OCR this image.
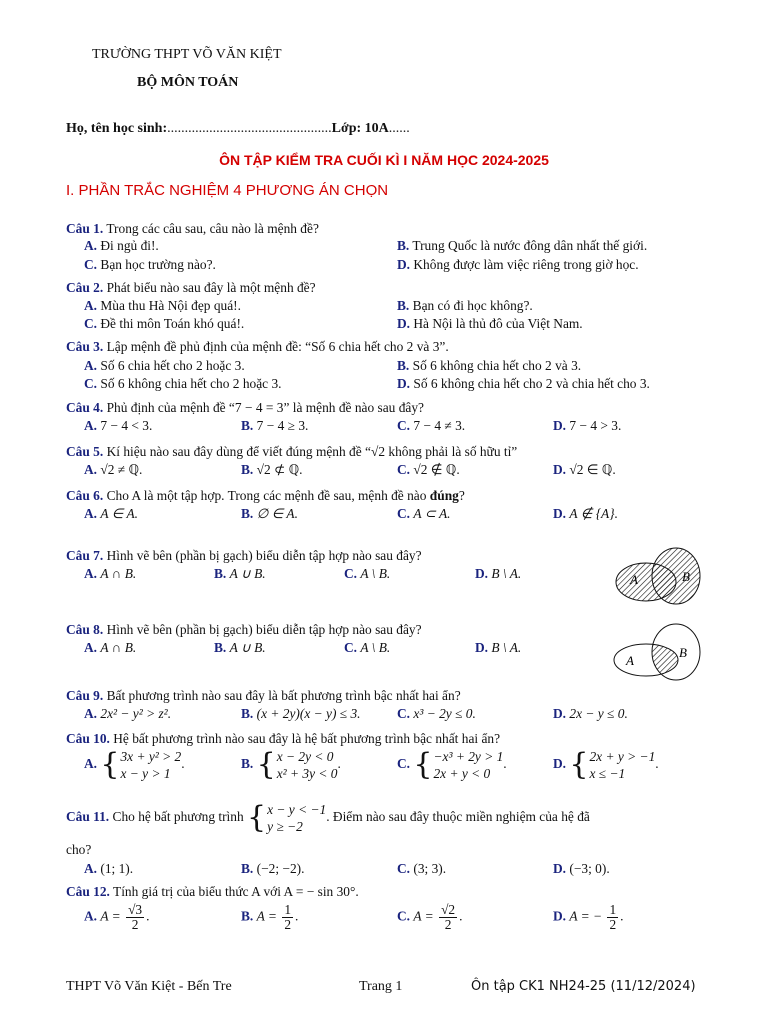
TRƯỜNG THPT VÕ VĂN KIỆT
BỘ MÔN TOÁN
Họ, tên học sinh:...............................................Lớp: 10A......
ÔN TẬP KIỂM TRA CUỐI KÌ I NĂM HỌC 2024-2025
I. PHẦN TRẮC NGHIỆM 4 PHƯƠNG ÁN CHỌN
Câu 1. Trong các câu sau, câu nào là mệnh đề?
A. Đi ngủ đi!.	B. Trung Quốc là nước đông dân nhất thế giới.
C. Bạn học trường nào?.	D. Không được làm việc riêng trong giờ học.
Câu 2. Phát biểu nào sau đây là một mệnh đề?
A. Mùa thu Hà Nội đẹp quá!.	B. Bạn có đi học không?.
C. Đề thi môn Toán khó quá!.	D. Hà Nội là thủ đô của Việt Nam.
Câu 3. Lập mệnh đề phủ định của mệnh đề: “Số 6 chia hết cho 2 và 3”.
A. Số 6 chia hết cho 2 hoặc 3.	B. Số 6 không chia hết cho 2 và 3.
C. Số 6 không chia hết cho 2 hoặc 3.	D. Số 6 không chia hết cho 2 và chia hết cho 3.
Câu 4. Phủ định của mệnh đề “7 − 4 = 3” là mệnh đề nào sau đây?
A. 7 − 4 < 3.	B. 7 − 4 ≥ 3.	C. 7 − 4 ≠ 3.	D. 7 − 4 > 3.
Câu 5. Kí hiệu nào sau đây dùng để viết đúng mệnh đề “√2 không phải là số hữu tỉ”
A. √2 ≠ ℚ.	B. √2 ⊄ ℚ.	C. √2 ∉ ℚ.	D. √2 ∈ ℚ.
Câu 6. Cho A là một tập hợp. Trong các mệnh đề sau, mệnh đề nào đúng?
A. A ∈ A.	B. ∅ ∈ A.	C. A ⊂ A.	D. A ∉ {A}.
Câu 7. Hình vẽ bên (phần bị gạch) biểu diễn tập hợp nào sau đây?
A. A ∩ B.	B. A ∪ B.	C. A \ B.	D. B \ A.	A	B
Câu 8. Hình vẽ bên (phần bị gạch) biểu diễn tập hợp nào sau đây?
A. A ∩ B.	B. A ∪ B.	C. A \ B.	D. B \ A.
A
B
Câu 9. Bất phương trình nào sau đây là bất phương trình bậc nhất hai ẩn?
A. 2x² − y² > z².	B. (x + 2y)(x − y) ≤ 3.	C. x³ − 2y ≤ 0.	D. 2x − y ≤ 0.
Câu 10. Hệ bất phương trình nào sau đây là hệ bất phương trình bậc nhất hai ẩn?
A. { 3x + y² > 2
x − y > 1
.	B. { x − 2y < 0
x² + 3y < 0
.	C. { −x³ + 2y > 1
2x + y < 0
.	D. { 2x + y > −1
x ≤ −1
.
Câu 11. Cho hệ bất phương trình { x − y < −1
y ≥ −2
. Điểm nào sau đây thuộc miền nghiệm của hệ đã
cho?
A. (1; 1).	B. (−2; −2).	C. (3; 3).	D. (−3; 0).
Câu 12. Tính giá trị của biểu thức A với A = − sin 30°.
A. $A = \frac{√3}{2}$ .	B. $A = \frac{1}{2}$ .	C. $A = \frac{√2}{2}$ .	D. A = − $\frac{1}{2}$ .
THPT Võ Văn Kiệt - Bến Tre	Trang 1	Ôn tập CK1 NH24-25 (11/12/2024)
